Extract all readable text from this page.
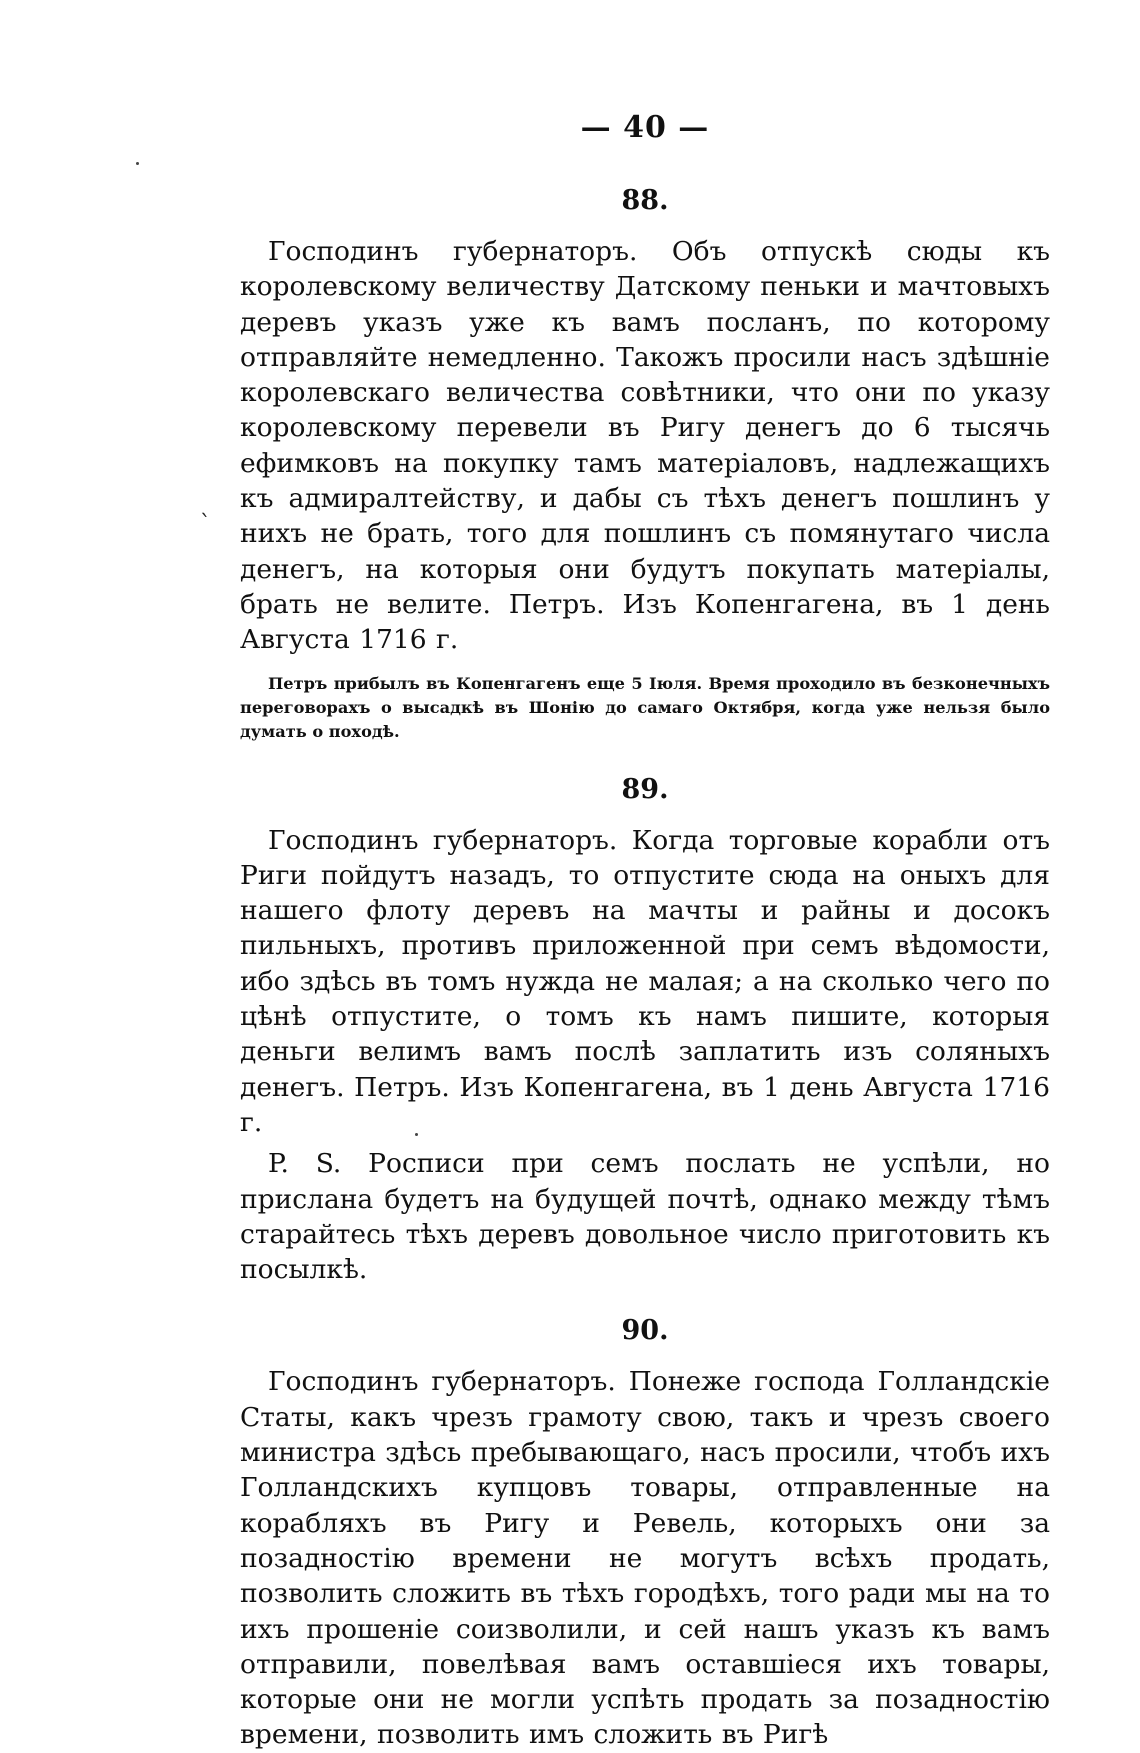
— 40 —
88.

Господинъ губернаторъ. Объ отпускѣ сюды къ королевскому величеству Датскому пеньки и мачтовыхъ деревъ указъ уже къ вамъ посланъ, по которому отправляйте немедленно. Такожъ просили насъ здѣшніе королевскаго величества совѣтники, что они по указу королевскому перевели въ Ригу денегъ до 6 тысячь ефимковъ на покупку тамъ матеріаловъ, надлежащихъ къ адмиралтейству, и дабы съ тѣхъ денегъ пошлинъ у нихъ не брать, того для пошлинъ съ помянутаго числа денегъ, на которыя они будутъ покупать матеріалы, брать не велите. Петръ. Изъ Копенгагена, въ 1 день Августа 1716 г.

Петръ прибылъ въ Копенгагенъ еще 5 Іюля. Время проходило въ безконечныхъ переговорахъ о высадкѣ въ Шонію до самаго Октября, когда уже нельзя было думать о походѣ.

89.

Господинъ губернаторъ. Когда торговые корабли отъ Риги пойдутъ назадъ, то отпустите сюда на оныхъ для нашего флоту деревъ на мачты и райны и досокъ пильныхъ, противъ приложенной при семъ вѣдомости, ибо здѣсь въ томъ нужда не малая; а на сколько чего по цѣнѣ отпустите, о томъ къ намъ пишите, которыя деньги велимъ вамъ послѣ заплатить изъ соляныхъ денегъ. Петръ. Изъ Копенгагена, въ 1 день Августа 1716 г.

P. S. Росписи при семъ послать не успѣли, но прислана будетъ на будущей почтѣ, однако между тѣмъ старайтесь тѣхъ деревъ довольное число приготовить къ посылкѣ.

90.

Господинъ губернаторъ. Понеже господа Голландскіе Статы, какъ чрезъ грамоту свою, такъ и чрезъ своего министра здѣсь пребывающаго, насъ просили, чтобъ ихъ Голландскихъ купцовъ товары, отправленные на корабляхъ въ Ригу и Ревель, которыхъ они за позадностію времени не могутъ всѣхъ продать, позволить сложить въ тѣхъ городѣхъ, того ради мы на то ихъ прошеніе соизволили, и сей нашъ указъ къ вамъ отправили, повелѣвая вамъ оставшіеся ихъ товары, которые они не могли успѣть продать за позадностію времени, позволить имъ сложить въ Ригѣ

ˋ
